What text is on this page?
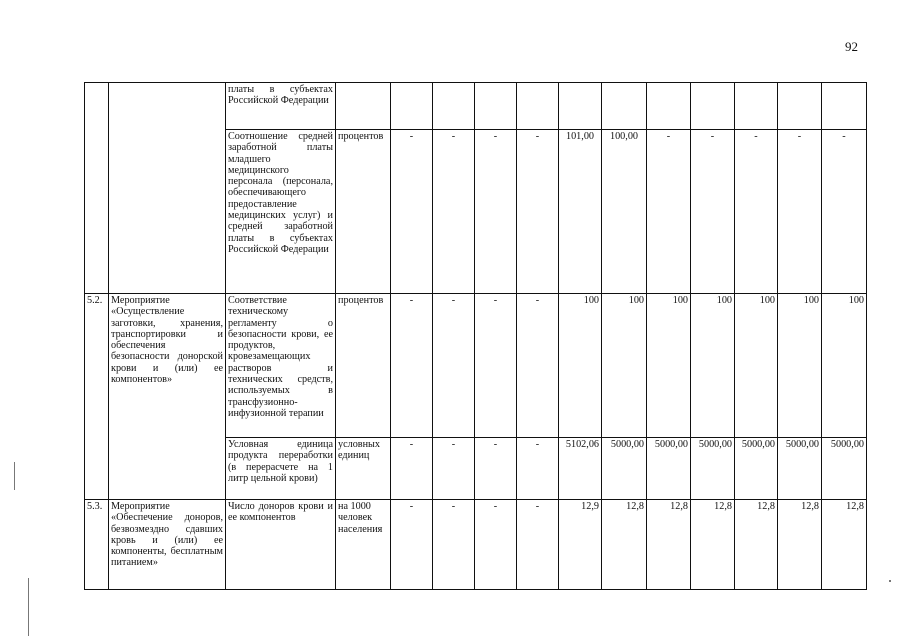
92
		платы в субъектах Российской Федерации												
		Соотношение средней заработной платы младшего медицинского персонала (персонала, обеспечивающего предоставление медицинских услуг) и средней заработной платы в субъектах Российской Федерации	процентов	-	-	-	-	101,00	100,00	-	-	-	-	-
5.2.	Мероприятие «Осуществление заготовки, хранения, транспортировки и обеспечения безопасности донорской крови и (или) ее компонентов»	Соответствие техническому регламенту о безопасности крови, ее продуктов, кровезамещающих растворов и технических средств, используемых в трансфузионно-инфузионной терапии	процентов	-	-	-	-	100	100	100	100	100	100	100
		Условная единица продукта переработки (в перерасчете на 1 литр цельной крови)	условных единиц	-	-	-	-	5102,06	5000,00	5000,00	5000,00	5000,00	5000,00	5000,00
5.3.	Мероприятие «Обеспечение доноров, безвозмездно сдавших кровь и (или) ее компоненты, бесплатным питанием»	Число доноров крови и ее компонентов	на 1000 человек населения	-	-	-	-	12,9	12,8	12,8	12,8	12,8	12,8	12,8
